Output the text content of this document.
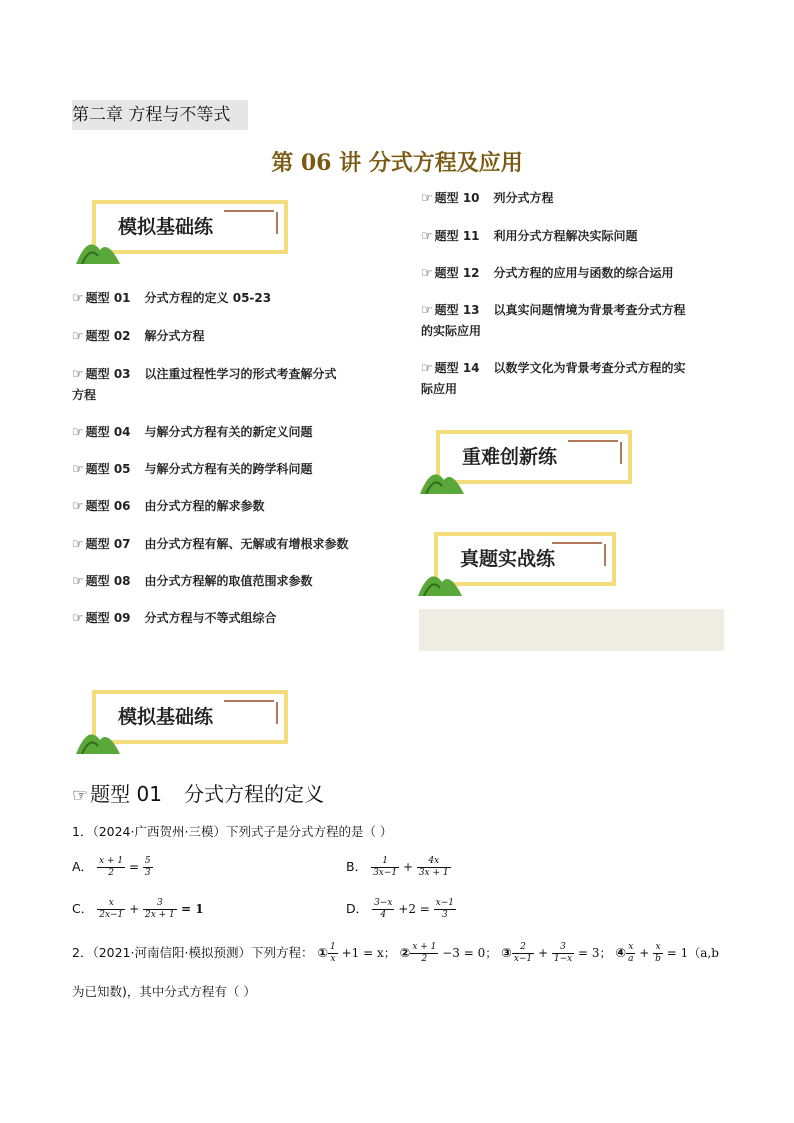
第二章 方程与不等式
第 06 讲 分式方程及应用
模拟基础练
☞ 题型 01 分式方程的定义 05-23
☞ 题型 02 解分式方程
☞ 题型 03 以注重过程性学习的形式考查解分式
方程
☞ 题型 04 与解分式方程有关的新定义问题
☞ 题型 05 与解分式方程有关的跨学科问题
☞ 题型 06 由分式方程的解求参数
☞ 题型 07 由分式方程有解、无解或有增根求参数
☞ 题型 08 由分式方程解的取值范围求参数
☞ 题型 09 分式方程与不等式组综合
☞ 题型 10 列分式方程
☞ 题型 11 利用分式方程解决实际问题
☞ 题型 12 分式方程的应用与函数的综合运用
☞ 题型 13 以真实问题情境为背景考查分式方程
的实际应用
☞ 题型 14 以数学文化为背景考查分式方程的实
际应用
重难创新练
真题实战练
模拟基础练
☞ 题型 01 分式方程的定义
1．（2024·广西贺州·三模）下列式子是分式方程的是（ ）
A． $\frac{x + 1}{2} = \frac{5}{3}$	B． $\frac{1}{3x-1} + \frac{4x}{3x + 1}$
C． $\frac{x}{2x-1} + \frac{3}{2x + 1} = 1$	D． $\frac{3-x}{4} +2 = \frac{x-1}{3}$
2．（2021·河南信阳·模拟预测）下列方程： ① $\frac{1}{x} +1 = x$； ② $\frac{x + 1}{2} -3 = 0$； ③ $\frac{2}{x-1} + \frac{3}{1-x} = 3$； ④ $\frac{x}{a} + \frac{x}{b} = 1(a,b$
为已知数)，其中分式方程有（ ）
